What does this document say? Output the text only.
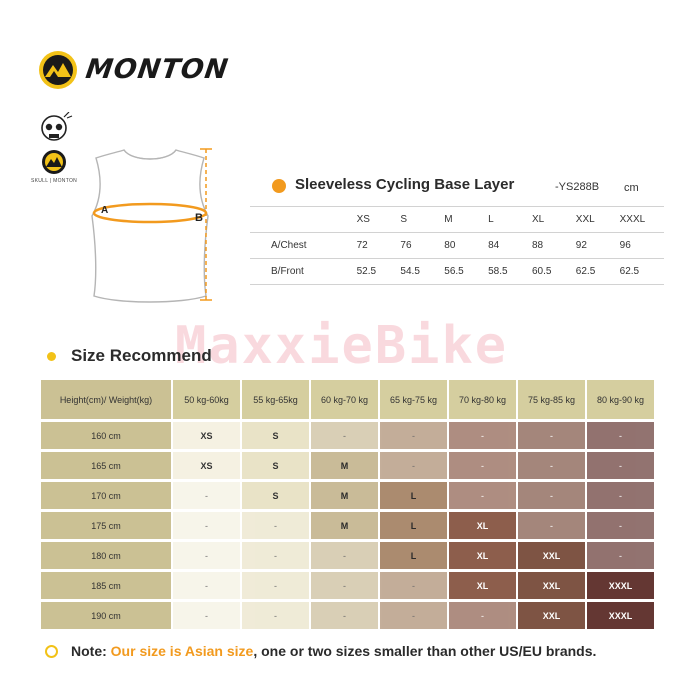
MONTON
SKULL | MONTON
A
B
Sleeveless Cycling Base Layer	-YS288B cm
	XS	S	M	L	XL	XXL	XXXL
A/Chest	72	76	80	84	88	92	96
B/Front	52.5	54.5	56.5	58.5	60.5	62.5	62.5
MaxxieBike
Size Recommend
Height(cm)/ Weight(kg)	50 kg-60kg	55 kg-65kg	60 kg-70 kg	65 kg-75 kg	70 kg-80 kg	75 kg-85 kg	80 kg-90 kg
160 cm	XS	S	-	-	-	-	-
165 cm	XS	S	M	-	-	-	-
170 cm	-	S	M	L	-	-	-
175 cm	-	-	M	L	XL	-	-
180 cm	-	-	-	L	XL	XXL	-
185 cm	-	-	-	-	XL	XXL	XXXL
190 cm	-	-	-	-	-	XXL	XXXL
Note: Our size is Asian size, one or two sizes smaller than other US/EU brands.
